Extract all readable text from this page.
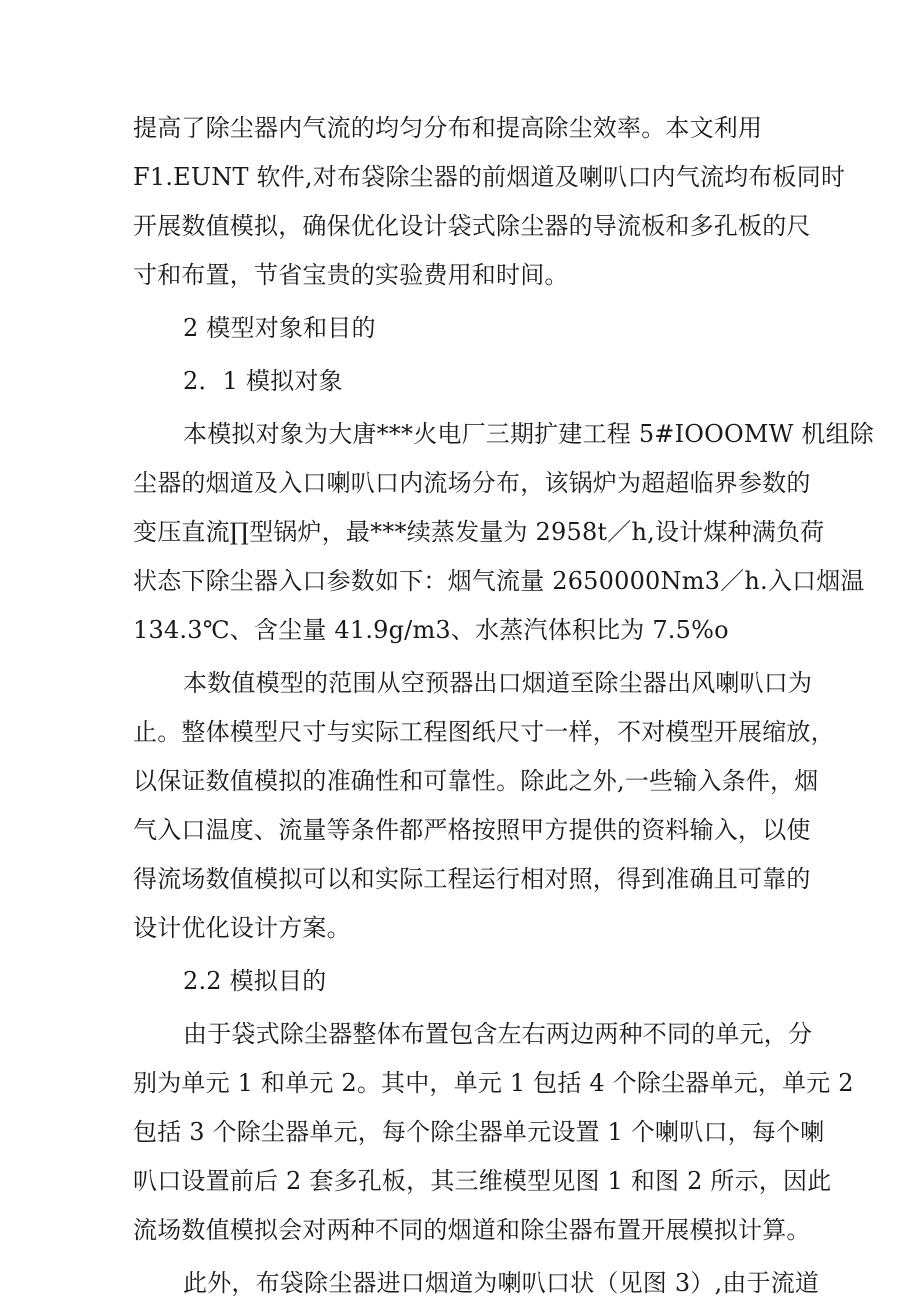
提高了除尘器内气流的均匀分布和提高除尘效率。本文利用
F1.EUNT 软件,对布袋除尘器的前烟道及喇叭口内气流均布板同时
开展数值模拟，确保优化设计袋式除尘器的导流板和多孔板的尺
寸和布置，节省宝贵的实验费用和时间。
2 模型对象和目的
2．1 模拟对象
本模拟对象为大唐***火电厂三期扩建工程 5#IOOOMW 机组除
尘器的烟道及入口喇叭口内流场分布，该锅炉为超超临界参数的
变压直流∏型锅炉，最***续蒸发量为 2958t／h,设计煤种满负荷
状态下除尘器入口参数如下：烟气流量 2650000Nm3／h.入口烟温
134.3℃、含尘量 41.9g/m3、水蒸汽体积比为 7.5%o
本数值模型的范围从空预器出口烟道至除尘器出风喇叭口为
止。整体模型尺寸与实际工程图纸尺寸一样，不对模型开展缩放，
以保证数值模拟的准确性和可靠性。除此之外,一些输入条件，烟
气入口温度、流量等条件都严格按照甲方提供的资料输入，以使
得流场数值模拟可以和实际工程运行相对照，得到准确且可靠的
设计优化设计方案。
2.2 模拟目的
由于袋式除尘器整体布置包含左右两边两种不同的单元，分
别为单元 1 和单元 2。其中，单元 1 包括 4 个除尘器单元，单元 2
包括 3 个除尘器单元，每个除尘器单元设置 1 个喇叭口，每个喇
叭口设置前后 2 套多孔板，其三维模型见图 1 和图 2 所示，因此
流场数值模拟会对两种不同的烟道和除尘器布置开展模拟计算。
此外，布袋除尘器进口烟道为喇叭口状（见图 3）,由于流道
